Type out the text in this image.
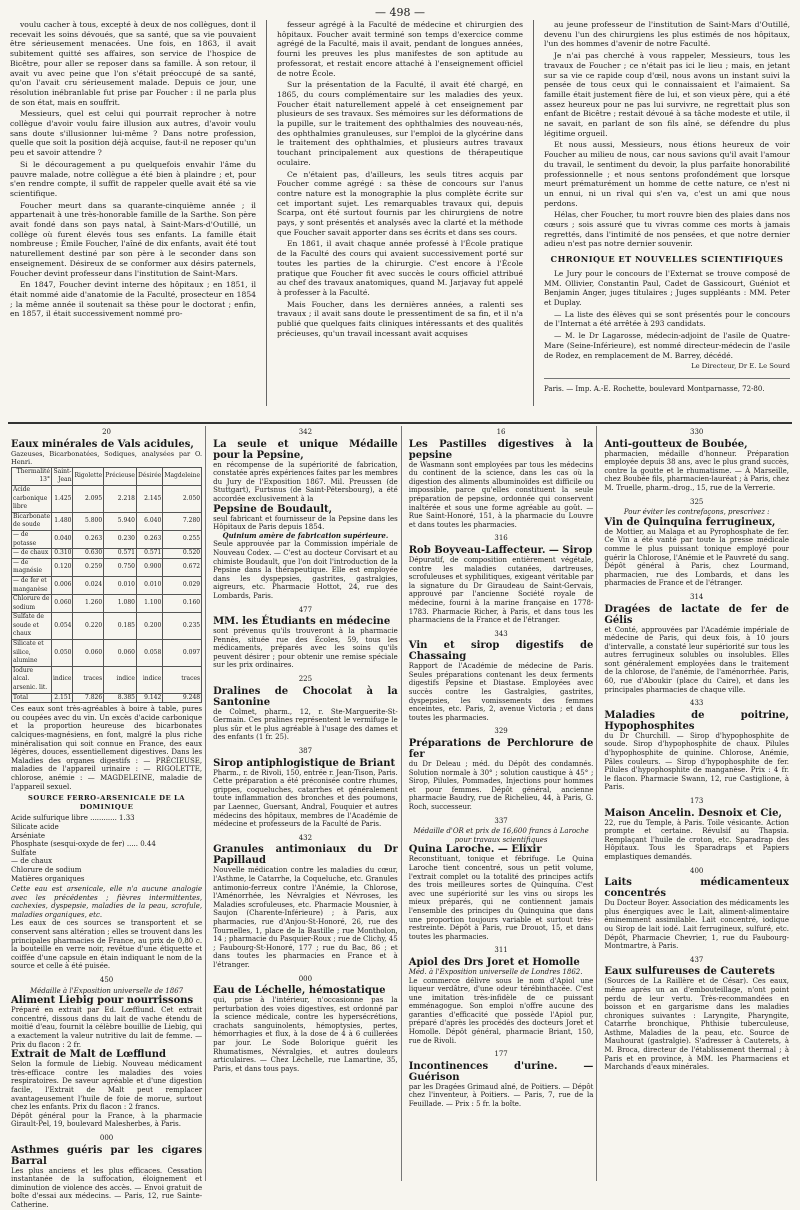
— 498 —

voulu cacher à tous, excepté à deux de nos collègues, dont il recevait les soins dévoués, que sa santé, que sa vie pouvaient être sérieusement menacées. Une fois, en 1863, il avait subitement quitté ses affaires, son service de l'hospice de Bicêtre, pour aller se reposer dans sa famille. À son retour, il avait vu avec peine que l'on s'était préoccupé de sa santé, qu'on l'avait cru sérieusement malade. Depuis ce jour, une résolution inébranlable fut prise par Foucher : il ne parla plus de son état, mais en souffrit.

Messieurs, quel est celui qui pourrait reprocher à notre collègue d'avoir voulu faire illusion aux autres, d'avoir voulu sans doute s'illusionner lui-même ? Dans notre profession, quelle que soit la position déjà acquise, faut-il ne reposer qu'un peu et savoir attendre ?

Si le découragement a pu quelquefois envahir l'âme du pauvre malade, notre collègue a été bien à plaindre ; et, pour s'en rendre compte, il suffit de rappeler quelle avait été sa vie scientifique.

Foucher meurt dans sa quarante-cinquième année ; il appartenait à une très-honorable famille de la Sarthe. Son père avait fondé dans son pays natal, à Saint-Mars-d'Outillé, un collège où furent élevés tous ses enfants. La famille était nombreuse ; Émile Foucher, l'aîné de dix enfants, avait été tout naturellement destiné par son père à le seconder dans son enseignement. Désireux de se conformer aux désirs paternels, Foucher devint professeur dans l'institution de Saint-Mars.

En 1847, Foucher devint interne des hôpitaux ; en 1851, il était nommé aide d'anatomie de la Faculté, prosecteur en 1854 ; la même année il soutenait sa thèse pour le doctorat ; enfin, en 1857, il était successivement nommé pro-

fesseur agrégé à la Faculté de médecine et chirurgien des hôpitaux. Foucher avait terminé son temps d'exercice comme agrégé de la Faculté, mais il avait, pendant de longues années, fourni les preuves les plus manifestes de son aptitude au professorat, et restait encore attaché à l'enseignement officiel de notre École.

Sur la présentation de la Faculté, il avait été chargé, en 1865, du cours complémentaire sur les maladies des yeux. Foucher était naturellement appelé à cet enseignement par plusieurs de ses travaux. Ses mémoires sur les déformations de la pupille, sur le traitement des ophthalmies des nouveau-nés, des ophthalmies granuleuses, sur l'emploi de la glycérine dans le traitement des ophthalmies, et plusieurs autres travaux touchant principalement aux questions de thérapeutique oculaire.

Ce n'étaient pas, d'ailleurs, les seuls titres acquis par Foucher comme agrégé : sa thèse de concours sur l'anus contre nature est la monographie la plus complète écrite sur cet important sujet. Les remarquables travaux qui, depuis Scarpa, ont été surtout fournis par les chirurgiens de notre pays, y sont présentés et analysés avec la clarté et la méthode que Foucher savait apporter dans ses écrits et dans ses cours.

En 1861, il avait chaque année professé à l'École pratique de la Faculté des cours qui avaient successivement porté sur toutes les parties de la chirurgie. C'est encore à l'École pratique que Foucher fit avec succès le cours officiel attribué au chef des travaux anatomiques, quand M. Jarjavay fut appelé à professer à la Faculté.

Mais Foucher, dans les dernières années, a ralenti ses travaux ; il avait sans doute le pressentiment de sa fin, et il n'a publié que quelques faits cliniques intéressants et des qualités précieuses, qu'un travail incessant avait acquises

au jeune professeur de l'institution de Saint-Mars d'Outillé, devenu l'un des chirurgiens les plus estimés de nos hôpitaux, l'un des hommes d'avenir de notre Faculté.

Je n'ai pas cherché à vous rappeler, Messieurs, tous les travaux de Foucher ; ce n'était pas ici le lieu ; mais, en jetant sur sa vie ce rapide coup d'œil, nous avons un instant suivi la pensée de tous ceux qui le connaissaient et l'aimaient. Sa famille était justement fière de lui, et son vieux père, qui a été assez heureux pour ne pas lui survivre, ne regrettait plus son enfant de Bicêtre ; restait dévoué à sa tâche modeste et utile, il ne savait, en parlant de son fils aîné, se défendre du plus légitime orgueil.

Et nous aussi, Messieurs, nous étions heureux de voir Foucher au milieu de nous, car nous savions qu'il avait l'amour du travail, le sentiment du devoir, la plus parfaite honorabilité professionnelle ; et nous sentons profondément que lorsque meurt prématurément un homme de cette nature, ce n'est ni un ennui, ni un rival qui s'en va, c'est un ami que nous perdons.

Hélas, cher Foucher, tu mort rouvre bien des plaies dans nos cœurs ; sois assuré que tu vivras comme ces morts à jamais regrettés, dans l'intimité de nos pensées, et que notre dernier adieu n'est pas notre dernier souvenir.

CHRONIQUE ET NOUVELLES SCIENTIFIQUES

Le Jury pour le concours de l'Externat se trouve composé de MM. Ollivier, Constantin Paul, Cadet de Gassicourt, Guéniot et Benjamin Anger, juges titulaires ; Juges suppléants : MM. Peter et Duplay.

— La liste des élèves qui se sont présentés pour le concours de l'Internat a été arrêtée à 293 candidats.

— M. le Dr Lagarosse, médecin-adjoint de l'asile de Quatre-Mare (Seine-Inférieure), est nommé directeur-médecin de l'asile de Rodez, en remplacement de M. Barrey, décédé.

Le Directeur, Dr E. Le Sourd
Paris. — Imp. A.-E. Rochette, boulevard Montparnasse, 72-80.
20
Eaux minérales de Vals acidules,
Gazeuses, Bicarbonatées, Sodiques, analysées par O. Henri.
Thermalité 13°	Saint-Jean	Rigolette	Précieuse	Désirée	Magdeleine
Acide carbonique libre	1.425	2.095	2.218	2.145	2.050
Bicarbonate de soude	1.480	5.800	5.940	6.040	7.280
— de potasse	0.040	0.263	0.230	0.263	0.255
— de chaux	0.310	0.630	0.571	0.571	0.520
— de magnésie	0.120	0.259	0.750	0.900	0.672
— de fer et manganèse	0.006	0.024	0.010	0.010	0.029
Chlorure de sodium	0.060	1.260	1.080	1.100	0.160
Sulfate de soude et chaux	0.054	0.220	0.185	0.200	0.235
Silicate et silice, alumine	0.050	0.060	0.060	0.058	0.097
Iodure alcal. arsenic. lit.	indice	traces	indice	indice	traces
Total	2.151	7.826	8.385	9.142	9.248
Ces eaux sont très-agréables à boire à table, pures ou coupées avec du vin. Un excès d'acide carbonique et la proportion heureuse des bicarbonates calciques-magnésiens, en font, malgré la plus riche minéralisation qui soit connue en France, des eaux légères, douces, essentiellement digestives. Dans les Maladies des organes digestifs : — PRÉCIEUSE, maladies de l'appareil urinaire : — RIGOLETTE, chlorose, anémie : — MAGDELEINE, maladie de l'appareil sexuel.
SOURCE FERRO-ARSENICALE DE LA DOMINIQUE
Acide sulfurique libre ............ 1.33
Silicate acide
Arséniate
Phosphate (sesqui-oxyde de fer) ..... 0.44
Sulfate
— de chaux
Chlorure de sodium
Matières organiques
Cette eau est arsenicale, elle n'a aucune analogie avec les précédentes ; fièvres intermittentes, cachexies, dyspepsie, maladies de la peau, scrofule, maladies organiques, etc.
Les eaux de ces sources se transportent et se conservent sans altération ; elles se trouvent dans les principales pharmacies de France, au prix de 0,80 c. la bouteille en verre noir, revêtue d'une étiquette et coiffée d'une capsule en étain indiquant le nom de la source et celle à été puisée.
450
Médaille à l'Exposition universelle de 1867
Aliment Liebig pour nourrissons
Préparé en extrait par Ed. Lœfflund. Cet extrait concentré, dissous dans du lait de vache étendu de moitié d'eau, fournit la célèbre bouillie de Liebig, qui a exactement la valeur nutritive du lait de femme. — Prix du flacon : 2 fr.
Extrait de Malt de Lœfflund
Selon la formule de Liebig. Nouveau médicament très-efficace contre les maladies des voies respiratoires. De saveur agréable et d'une digestion facile, l'Extrait de Malt peut remplacer avantageusement l'huile de foie de morue, surtout chez les enfants. Prix du flacon : 2 francs.
Dépôt général pour la France, à la pharmacie Girault-Pel, 19, boulevard Malesherbes, à Paris.
000
Asthmes guéris par les cigares Barral
Les plus anciens et les plus efficaces. Cessation instantanée de la suffocation, éloignement et diminution de violence des accès. — Envoi gratuit de boîte d'essai aux médecins. — Paris, 12, rue Sainte-Catherine.
342
La seule et unique Médaille pour la Pepsine,
en récompense de la supériorité de fabrication, constatée après expériences faites par les membres du Jury de l'Exposition 1867. Mil. Preussen (de Stuttgart), Furtsnus (de Saint-Pétersbourg), a été accordée exclusivement à la
Pepsine de Boudault,
seul fabricant et fournisseur de la Pepsine dans les Hôpitaux de Paris depuis 1854.
Quinium amère de fabrication supérieure.
Seule approuvée par la Commission impériale de Nouveau Codex. — C'est au docteur Corvisart et au chimiste Boudault, que l'on doit l'introduction de la Pepsine dans la thérapeutique. Elle est employée dans les dyspepsies, gastrites, gastralgies, aigreurs, etc. Pharmacie Hottot, 24, rue des Lombards, Paris.
477
MM. les Étudiants en médecine
sont prévenus qu'ils trouveront à la pharmacie Pennès, située rue des Écoles, 59, tous les médicaments, préparés avec les soins qu'ils peuvent désirer ; pour obtenir une remise spéciale sur les prix ordinaires.
225
Dralines de Chocolat à la Santonine
de Colmet, pharm., 12, r. Ste-Marguerite-St-Germain. Ces pralines représentent le vermifuge le plus sûr et le plus agréable à l'usage des dames et des enfants (1 fr. 25).
387
Sirop antiphlogistique de Briant
Pharm., r. de Rivoli, 150, entrée r. Jean-Tison, Paris. Cette préparation a été préconisée contre rhumes, grippes, coqueluches, catarrhes et généralement toute inflammation des bronches et des poumons, par Laennec, Guersant, Andral, Fouquier et autres médecins des hôpitaux, membres de l'Académie de médecine et professeurs de la Faculté de Paris.
432
Granules antimoniaux du Dr Papillaud
Nouvelle médication contre les maladies du cœur, l'Asthme, le Catarrhe, la Coqueluche, etc. Granules antimonio-ferreux contre l'Anémie, la Chlorose, l'Aménorrhée, les Névralgies et Névroses, les Maladies scrofuleuses, etc. Pharmacie Mousnier, à Saujon (Charente-Inférieure) ; à Paris, aux pharmacies, rue d'Anjou-St-Honoré, 26, rue des Tournelles, 1, place de la Bastille ; rue Montholon, 14 ; pharmacie du Pasquier-Roux ; rue de Clichy, 45 ; Faubourg-St-Honoré, 177 ; rue du Bac, 86 ; et dans toutes les pharmacies en France et à l'étranger.
000
Eau de Léchelle, hémostatique
qui, prise à l'intérieur, n'occasionne pas la perturbation des voies digestives, est ordonné par la science médicale, contre les hypersécrétions, crachats sanguinolents, hémoptysies, pertes, hémorrhagies et flux, à la dose de 4 à 6 cuillerées par jour. Le Sode Bolorique guérit les Rhumatismes, Névralgies, et autres douleurs articulaires. — Chez Léchelle, rue Lamartine, 35, Paris, et dans tous pays.
16
Les Pastilles digestives à la pepsine
de Wasmann sont employées par tous les médecins du continent de la science, dans les cas où la digestion des aliments albuminoïdes est difficile ou impossible, parce qu'elles constituent la seule préparation de pepsine, ordonnée qui conservent inaltérée et sous une forme agréable au goût. — Rue Saint-Honoré, 151, à la pharmacie du Louvre et dans toutes les pharmacies.
316
Rob Boyveau-Laffecteur. — Sirop
Dépuratif, de composition entièrement végétale, contre les maladies cutanées, dartreuses, scrofuleuses et syphilitiques, exigeant véritable par la signature du Dr Giraudeau de Saint-Gervais, approuvé par l'ancienne Société royale de médecine, fourni à la marine française en 1778-1783. Pharmacie Richer, à Paris, et dans tous les pharmaciens de la France et de l'étranger.
343
Vin et sirop digestifs de Chassaing
Rapport de l'Académie de médecine de Paris. Seules préparations contenant les deux ferments digestifs Pepsine et Diastase. Employées avec succès contre les Gastralgies, gastrites, dyspepsies, les vomissements des femmes enceintes, etc. Paris, 2, avenue Victoria ; et dans toutes les pharmacies.
329
Préparations de Perchlorure de fer
du Dr Deleau ; méd. du Dépôt des condamnés. Solution normale à 30° ; solution caustique à 45° ; Sirop, Pilules, Pommades, Injections pour hommes et pour femmes. Dépôt général, ancienne pharmacie Baudry, rue de Richelieu, 44, à Paris, G. Roch, successeur.
337
Médaille d'OR et prix de 16,600 francs à Laroche pour travaux scientifiques
Quina Laroche. — Elixir
Reconstituant, tonique et fébrifuge. Le Quina Laroche tient concentré, sous un petit volume, l'extrait complet ou la totalité des principes actifs des trois meilleures sortes de Quinquina. C'est avec une supériorité sur les vins ou sirops les mieux préparés, qui ne contiennent jamais l'ensemble des principes du Quinquina que dans une proportion toujours variable et surtout très-restreinte. Dépôt à Paris, rue Drouot, 15, et dans toutes les pharmacies.
311
Apiol des Drs Joret et Homolle
Méd. à l'Exposition universelle de Londres 1862.
Le commerce délivre sous le nom d'Apiol une liqueur verdâtre, d'une odeur térébinthacée. C'est une imitation très-infidèle de ce puissant emménagogue. Son emploi n'offre aucune des garanties d'efficacité que possède l'Apiol pur, préparé d'après les procédés des docteurs Joret et Homolle. Dépôt général, pharmacie Briant, 150, rue de Rivoli.
177
Incontinences d'urine. — Guérison
par les Dragées Grimaud aîné, de Poitiers. — Dépôt chez l'inventeur, à Poitiers. — Paris, 7, rue de la Feuillade. — Prix : 5 fr. la boîte.
330
Anti-goutteux de Boubée,
pharmacien, médaille d'honneur. Préparation employée depuis 38 ans, avec le plus grand succès, contre la goutte et le rhumatisme. — À Marseille, chez Boubée fils, pharmacien-lauréat ; à Paris, chez M. Truelle, pharm.-drog., 15, rue de la Verrerie.
325
Pour éviter les contrefaçons, prescrivez :
Vin de Quinquina ferrugineux,
de Mottier, au Malaga et au Pyrophosphate de fer. Ce Vin a été vanté par toute la presse médicale comme le plus puissant tonique employé pour guérir la Chlorose, l'Anémie et le Pauvreté du sang. Dépôt général à Paris, chez Lourmand, pharmacien, rue des Lombards, et dans les pharmacies de France et de l'étranger.
314
Dragées de lactate de fer de Gélis
et Conté, approuvées par l'Académie impériale de médecine de Paris, qui deux fois, à 10 jours d'intervalle, a constaté leur supériorité sur tous les autres ferrugineux solubles ou insolubles. Elles sont généralement employées dans le traitement de la chlorose, de l'anémie, de l'aménorrhée. Paris, 60, rue d'Aboukir (place du Caire), et dans les principales pharmacies de chaque ville.
433
Maladies de poitrine, Hypophosphites
du Dr Churchill. — Sirop d'hypophosphite de soude. Sirop d'hypophosphite de chaux. Pilules d'hypophosphite de quinine. Chlorose, Anémie, Pâles couleurs. — Sirop d'hypophosphite de fer. Pilules d'hypophosphite de manganèse. Prix : 4 fr. le flacon. Pharmacie Swann, 12, rue Castiglione, à Paris.
173
Maison Ancelin. Desnoix et Cie,
22, rue du Temple, à Paris. Toile vésicante. Action prompte et certaine. Révulsif au Thapsia. Remplaçant l'huile de croton, etc. Sparadrap des Hôpitaux. Tous les Sparadraps et Papiers emplastiques demandés.
400
Laits médicamenteux concentrés
Du Docteur Boyer. Association des médicaments les plus énergiques avec le Lait, aliment-alimentaire éminemment assimilable. Lait concentré, iodique ou Sirop de lait iodé. Lait ferrugineux, sulfuré, etc. Dépôt, Pharmacie Chevrier, 1, rue du Faubourg-Montmartre, à Paris.
437
Eaux sulfureuses de Cauterets
(Sources de La Raillère et de César). Ces eaux, même après un an d'embouteillage, n'ont point perdu de leur vertu. Très-recommandées en boisson et en gargarisme dans les maladies chroniques suivantes : Laryngite, Pharyngite, Catarrhe bronchique, Phthisie tuberculeuse, Asthme, Maladies de la peau, etc. Source de Mauhourat (gastralgie). S'adresser à Cauterets, à M. Broca, directeur de l'établissement thermal ; à Paris et en province, à MM. les Pharmaciens et Marchands d'eaux minérales.
